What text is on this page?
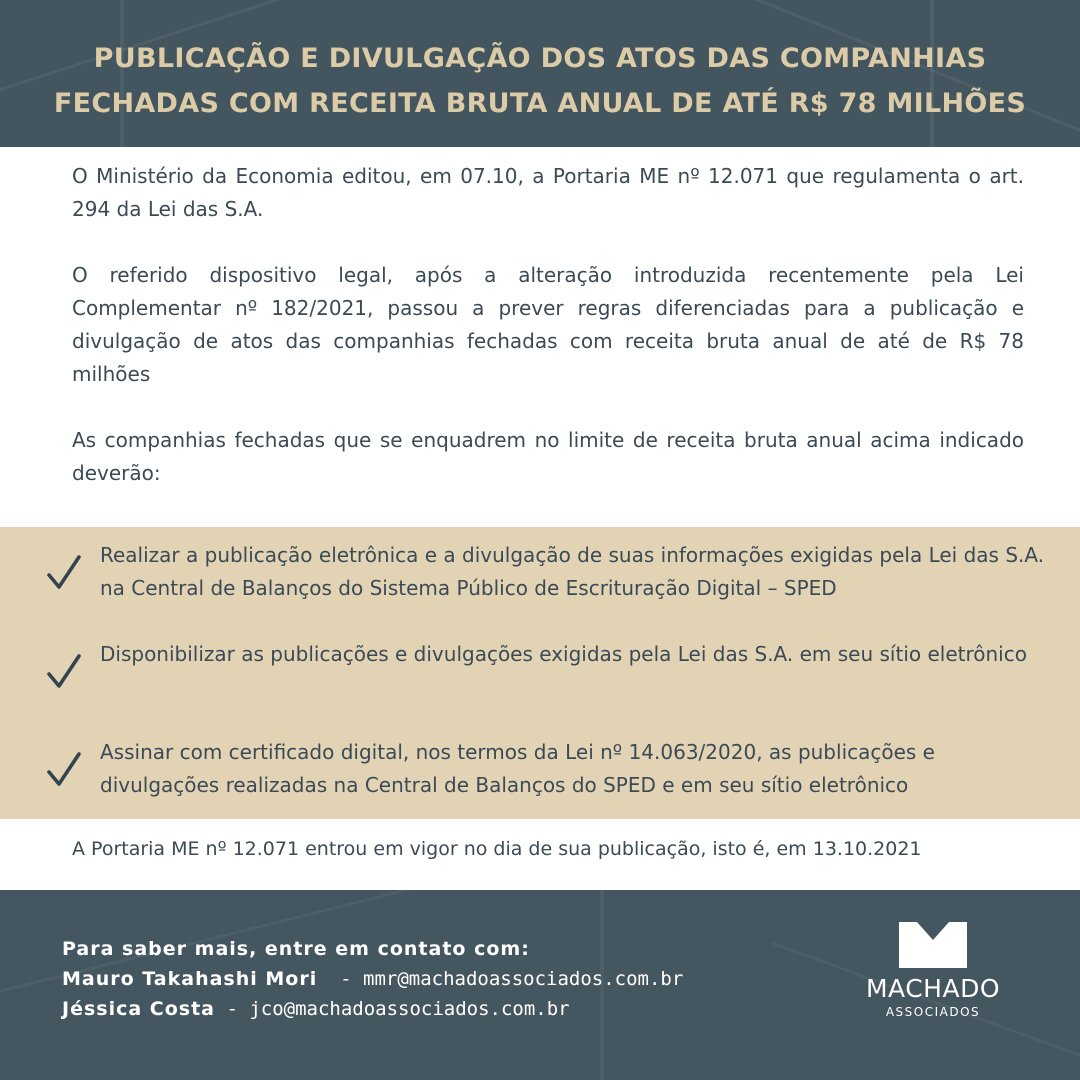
PUBLICAÇÃO E DIVULGAÇÃO DOS ATOS DAS COMPANHIAS
FECHADAS COM RECEITA BRUTA ANUAL DE ATÉ R$ 78 MILHÕES

O Ministério da Economia editou, em 07.10, a Portaria ME nº 12.071 que regulamenta o art. 294 da Lei das S.A.

O referido dispositivo legal, após a alteração introduzida recentemente pela Lei Complementar nº 182/2021, passou a prever regras diferenciadas para a publicação e divulgação de atos das companhias fechadas com receita bruta anual de até de R$ 78 milhões

As companhias fechadas que se enquadrem no limite de receita bruta anual acima indicado deverão:

Realizar a publicação eletrônica e a divulgação de suas informações exigidas pela Lei das S.A. na Central de Balanços do Sistema Público de Escrituração Digital – SPED
Disponibilizar as publicações e divulgações exigidas pela Lei das S.A. em seu sítio eletrônico
Assinar com certificado digital, nos termos da Lei nº 14.063/2020, as publicações e divulgações realizadas na Central de Balanços do SPED e em seu sítio eletrônico

A Portaria ME nº 12.071 entrou em vigor no dia de sua publicação, isto é, em 13.10.2021

Para saber mais, entre em contato com:
Mauro Takahashi Mori  - mmr@machadoassociados.com.br
Jéssica Costa - jco@machadoassociados.com.br
MACHADO
ASSOCIADOS
